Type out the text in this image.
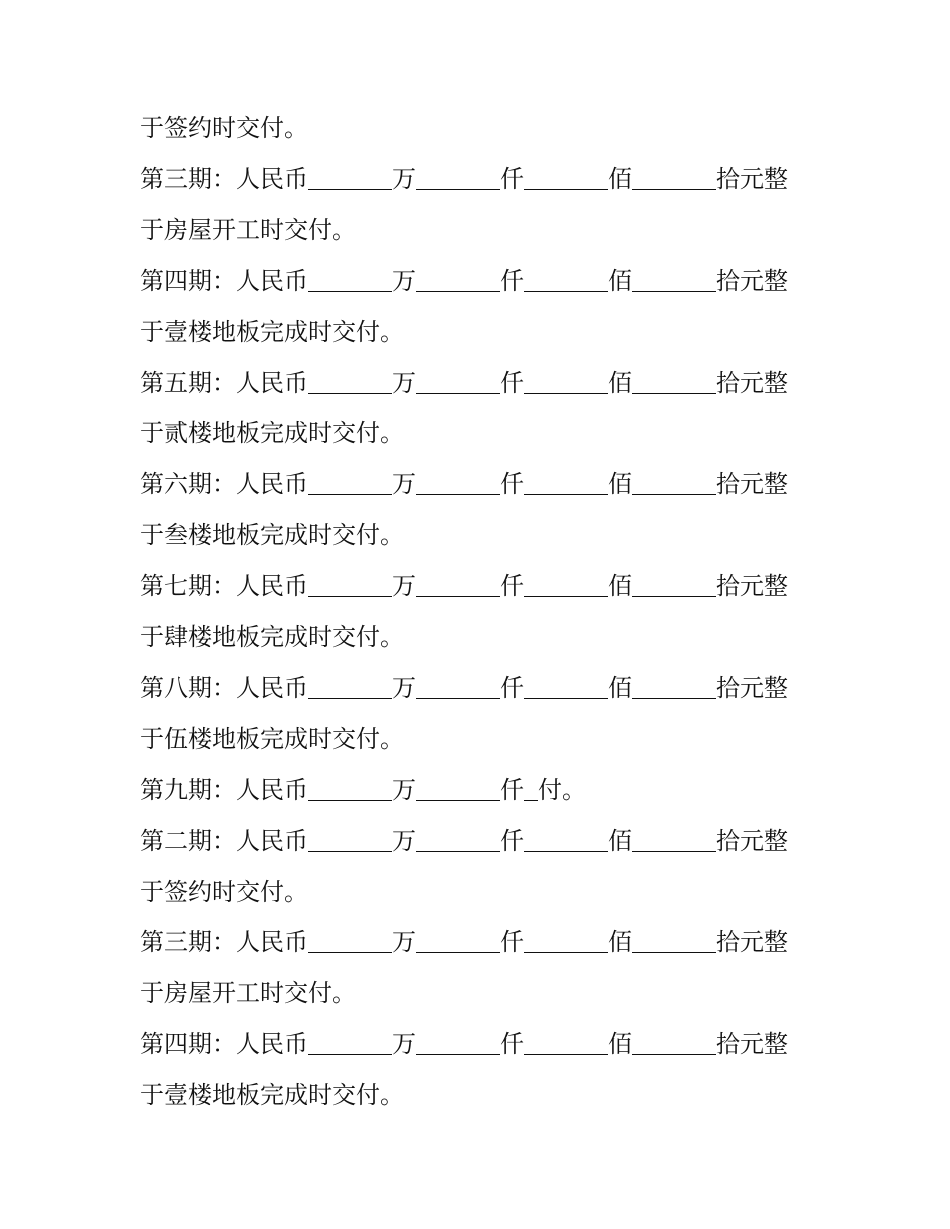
于签约时交付。
第三期：人民币	万	仟	佰	拾元整
于房屋开工时交付。
第四期：人民币	万	仟	佰	拾元整
于壹楼地板完成时交付。
第五期：人民币	万	仟	佰	拾元整
于贰楼地板完成时交付。
第六期：人民币	万	仟	佰	拾元整
于叁楼地板完成时交付。
第七期：人民币	万	仟	佰	拾元整
于肆楼地板完成时交付。
第八期：人民币	万	仟	佰	拾元整
于伍楼地板完成时交付。
第九期：人民币	万	仟 付。
第二期：人民币	万	仟	佰	拾元整
于签约时交付。
第三期：人民币	万	仟	佰	拾元整
于房屋开工时交付。
第四期：人民币	万	仟	佰	拾元整
于壹楼地板完成时交付。
